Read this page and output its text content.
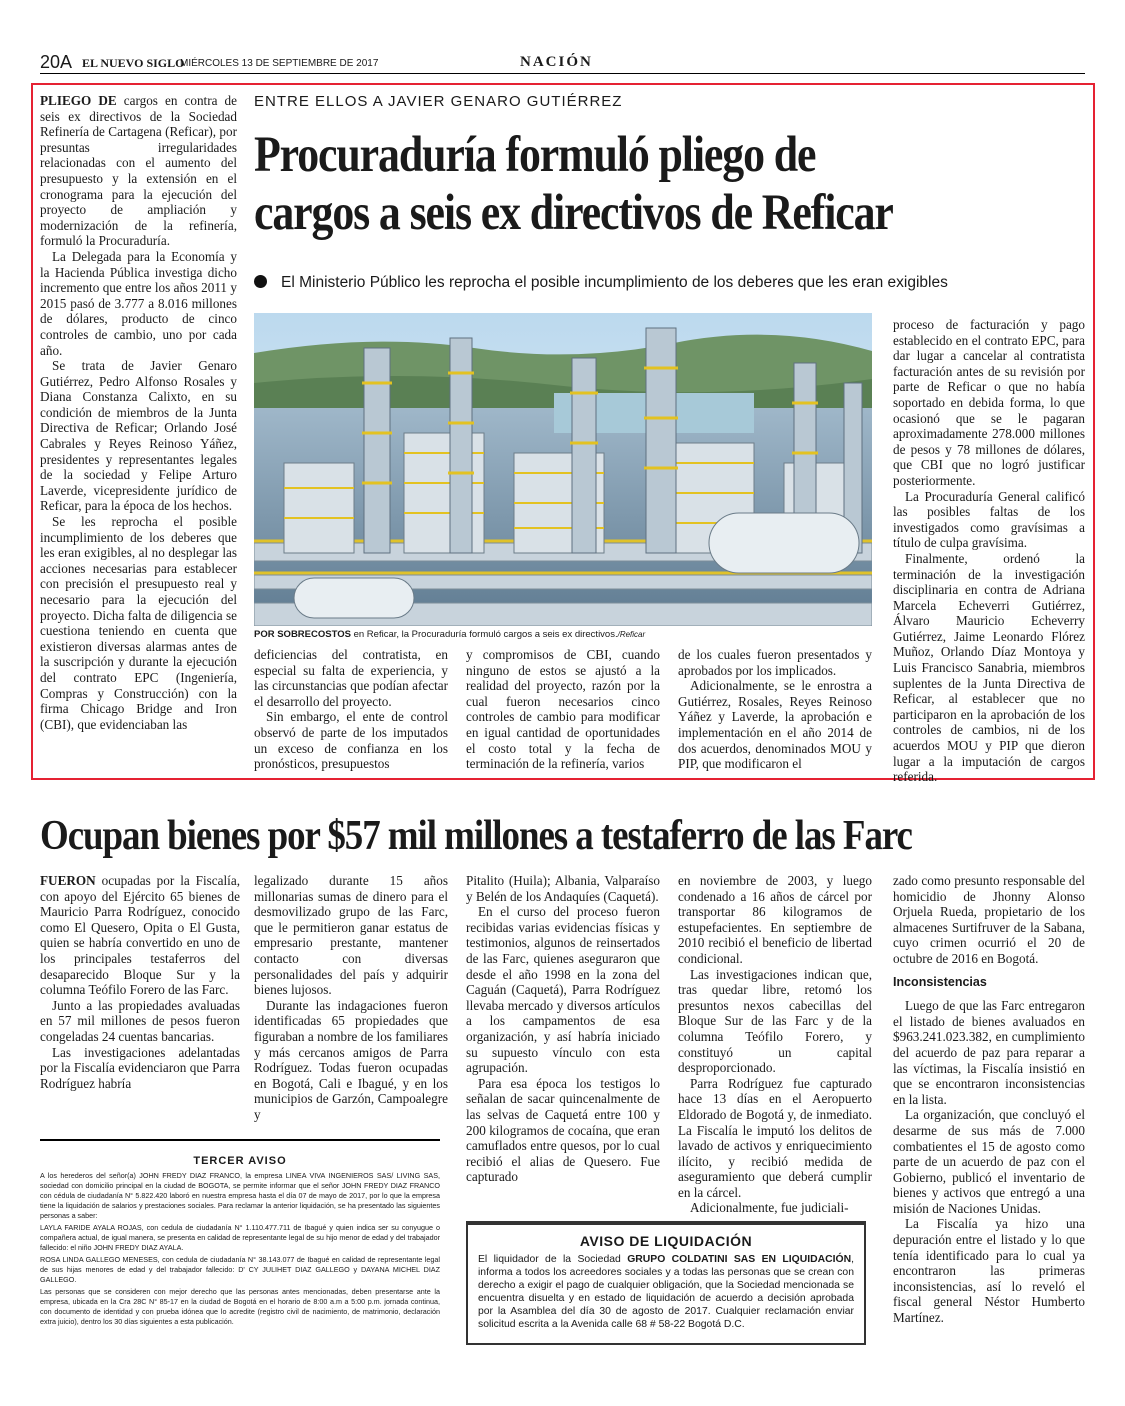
20A EL NUEVO SIGLO
MIÉRCOLES 13 DE SEPTIEMBRE DE 2017	NACIÓN
ENTRE ELLOS A JAVIER GENARO GUTIÉRREZ
Procuraduría formuló pliego de
cargos a seis ex directivos de Reficar
El Ministerio Público les reprocha el posible incumplimiento de los deberes que les eran exigibles

PLIEGO DE cargos en contra de seis ex directivos de la Sociedad Refinería de Cartagena (Reficar), por presuntas irregularidades relacionadas con el aumento del presupuesto y la extensión en el cronograma para la ejecución del proyecto de ampliación y modernización de la refinería, formuló la Procuraduría.

La Delegada para la Economía y la Hacienda Pública investiga dicho incremento que entre los años 2011 y 2015 pasó de 3.777 a 8.016 millones de dólares, producto de cinco controles de cambio, uno por cada año.

Se trata de Javier Genaro Gutiérrez, Pedro Alfonso Rosales y Diana Constanza Calixto, en su condición de miembros de la Junta Directiva de Reficar; Orlando José Cabrales y Reyes Reinoso Yáñez, presidentes y representantes legales de la sociedad y Felipe Arturo Laverde, vicepresidente jurídico de Reficar, para la época de los hechos.

Se les reprocha el posible incumplimiento de los deberes que les eran exigibles, al no desplegar las acciones necesarias para establecer con precisión el presupuesto real y necesario para la ejecución del proyecto. Dicha falta de diligencia se cuestiona teniendo en cuenta que existieron diversas alarmas antes de la suscripción y durante la ejecución del contrato EPC (Ingeniería, Compras y Construcción) con la firma Chicago Bridge and Iron (CBI), que evidenciaban las

POR SOBRECOSTOS en Reficar, la Procuraduría formuló cargos a seis ex directivos./Reficar

deficiencias del contratista, en especial su falta de experiencia, y las circunstancias que podían afectar el desarrollo del proyecto.

Sin embargo, el ente de control observó de parte de los imputados un exceso de confianza en los pronósticos, presupuestos

y compromisos de CBI, cuando ninguno de estos se ajustó a la realidad del proyecto, razón por la cual fueron necesarios cinco controles de cambio para modificar en igual cantidad de oportunidades el costo total y la fecha de terminación de la refinería, varios

de los cuales fueron presentados y aprobados por los implicados.

Adicionalmente, se le enrostra a Gutiérrez, Rosales, Reyes Reinoso Yáñez y Laverde, la aprobación e implementación en el año 2014 de dos acuerdos, denominados MOU y PIP, que modificaron el

proceso de facturación y pago establecido en el contrato EPC, para dar lugar a cancelar al contratista facturación antes de su revisión por parte de Reficar o que no había soportado en debida forma, lo que ocasionó que se le pagaran aproximadamente 278.000 millones de pesos y 78 millones de dólares, que CBI que no logró justificar posteriormente.

La Procuraduría General calificó las posibles faltas de los investigados como gravísimas a título de culpa gravísima.

Finalmente, ordenó la terminación de la investigación disciplinaria en contra de Adriana Marcela Echeverri Gutiérrez, Álvaro Mauricio Echeverry Gutiérrez, Jaime Leonardo Flórez Muñoz, Orlando Díaz Montoya y Luis Francisco Sanabria, miembros suplentes de la Junta Directiva de Reficar, al establecer que no participaron en la aprobación de los controles de cambios, ni de los acuerdos MOU y PIP que dieron lugar a la imputación de cargos referida.

Ocupan bienes por $57 mil millones a testaferro de las Farc

FUERON ocupadas por la Fiscalía, con apoyo del Ejército 65 bienes de Mauricio Parra Rodríguez, conocido como El Quesero, Opita o El Gusta, quien se habría convertido en uno de los principales testaferros del desaparecido Bloque Sur y la columna Teófilo Forero de las Farc.

Junto a las propiedades avaluadas en 57 mil millones de pesos fueron congeladas 24 cuentas bancarias.

Las investigaciones adelantadas por la Fiscalía evidenciaron que Parra Rodríguez habría

legalizado durante 15 años millonarias sumas de dinero para el desmovilizado grupo de las Farc, que le permitieron ganar estatus de empresario prestante, mantener contacto con diversas personalidades del país y adquirir bienes lujosos.

Durante las indagaciones fueron identificadas 65 propiedades que figuraban a nombre de los familiares y más cercanos amigos de Parra Rodríguez. Todas fueron ocupadas en Bogotá, Cali e Ibagué, y en los municipios de Garzón, Campoalegre y

Pitalito (Huila); Albania, Valparaíso y Belén de los Andaquíes (Caquetá).

En el curso del proceso fueron recibidas varias evidencias físicas y testimonios, algunos de reinsertados de las Farc, quienes aseguraron que desde el año 1998 en la zona del Caguán (Caquetá), Parra Rodríguez llevaba mercado y diversos artículos a los campamentos de esa organización, y así habría iniciado su supuesto vínculo con esta agrupación.

Para esa época los testigos lo señalan de sacar quincenalmente de las selvas de Caquetá entre 100 y 200 kilogramos de cocaína, que eran camuflados entre quesos, por lo cual recibió el alias de Quesero. Fue capturado

en noviembre de 2003, y luego condenado a 16 años de cárcel por transportar 86 kilogramos de estupefacientes. En septiembre de 2010 recibió el beneficio de libertad condicional.

Las investigaciones indican que, tras quedar libre, retomó los presuntos nexos cabecillas del Bloque Sur de las Farc y de la columna Teófilo Forero, y constituyó un capital desproporcionado.

Parra Rodríguez fue capturado hace 13 días en el Aeropuerto Eldorado de Bogotá y, de inmediato. La Fiscalía le imputó los delitos de lavado de activos y enriquecimiento ilícito, y recibió medida de aseguramiento que deberá cumplir en la cárcel.

Adicionalmente, fue judiciali-

zado como presunto responsable del homicidio de Jhonny Alonso Orjuela Rueda, propietario de los almacenes Surtifruver de la Sabana, cuyo crimen ocurrió el 20 de octubre de 2016 en Bogotá.

Inconsistencias

Luego de que las Farc entregaron el listado de bienes avaluados en $963.241.023.382, en cumplimiento del acuerdo de paz para reparar a las víctimas, la Fiscalía insistió en que se encontraron inconsistencias en la lista.

La organización, que concluyó el desarme de sus más de 7.000 combatientes el 15 de agosto como parte de un acuerdo de paz con el Gobierno, publicó el inventario de bienes y activos que entregó a una misión de Naciones Unidas.

La Fiscalía ya hizo una depuración entre el listado y lo que tenía identificado para lo cual ya encontraron las primeras inconsistencias, así lo reveló el fiscal general Néstor Humberto Martínez.

TERCER AVISO

A los herederos del señor(a) JOHN FREDY DIAZ FRANCO, la empresa LINEA VIVA INGENIEROS SAS/ LIVING SAS, sociedad con domicilio principal en la ciudad de BOGOTA, se permite informar que el señor JOHN FREDY DIAZ FRANCO con cédula de ciudadanía N° 5.822.420 laboró en nuestra empresa hasta el día 07 de mayo de 2017, por lo que la empresa tiene la liquidación de salarios y prestaciones sociales. Para reclamar la anterior liquidación, se ha presentado las siguientes personas a saber:

LAYLA FARIDE AYALA ROJAS, con cedula de ciudadanía N° 1.110.477.711 de Ibagué y quien indica ser su conyugue o compañera actual, de igual manera, se presenta en calidad de representante legal de su hijo menor de edad y del trabajador fallecido: el niño JOHN FREDY DIAZ AYALA.

ROSA LINDA GALLEGO MENESES, con cedula de ciudadanía N° 38.143.077 de Ibagué en calidad de representante legal de sus hijas menores de edad y del trabajador fallecido: D' CY JULIHET DIAZ GALLEGO y DAYANA MICHEL DIAZ GALLEGO.

Las personas que se consideren con mejor derecho que las personas antes mencionadas, deben presentarse ante la empresa, ubicada en la Cra 28C N° 85-17 en la ciudad de Bogotá en el horario de 8:00 a.m a 5:00 p.m. jornada continua, con documento de identidad y con prueba idónea que lo acredite (registro civil de nacimiento, de matrimonio, declaración extra juicio), dentro los 30 días siguientes a esta publicación.

AVISO DE LIQUIDACIÓN
El liquidador de la Sociedad GRUPO COLDATINI SAS EN LIQUIDACIÓN, informa a todos los acreedores sociales y a todas las personas que se crean con derecho a exigir el pago de cualquier obligación, que la Sociedad mencionada se encuentra disuelta y en estado de liquidación de acuerdo a decisión aprobada por la Asamblea del día 30 de agosto de 2017. Cualquier reclamación enviar solicitud escrita a la Avenida calle 68 # 58-22 Bogotá D.C.
